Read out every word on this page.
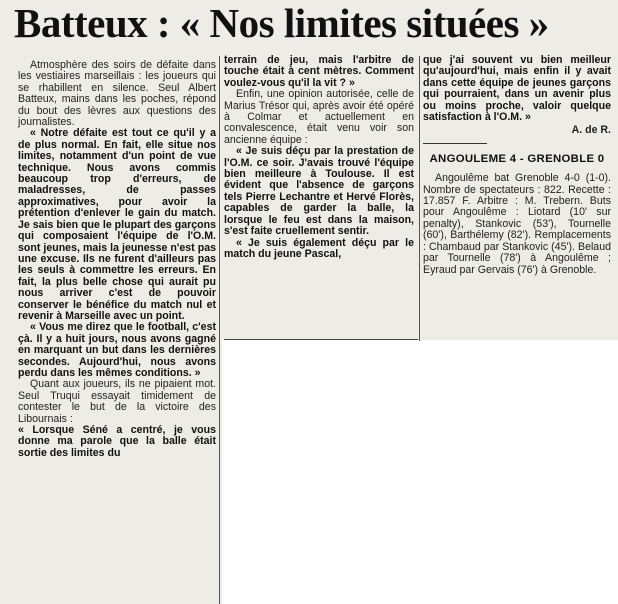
Batteux : « Nos limites situées »

Atmosphère des soirs de défaite dans les vestiaires marseillais : les joueurs qui se rhabillent en silence. Seul Albert Batteux, mains dans les poches, répond du bout des lèvres aux questions des journalistes.

« Notre défaite est tout ce qu'il y a de plus normal. En fait, elle situe nos limites, notamment d'un point de vue technique. Nous avons commis beaucoup trop d'erreurs, de maladresses, de passes approximatives, pour avoir la prétention d'enlever le gain du match. Je sais bien que le plupart des garçons qui composaient l'équipe de l'O.M. sont jeunes, mais la jeunesse n'est pas une excuse. Ils ne furent d'ailleurs pas les seuls à commettre les erreurs. En fait, la plus belle chose qui aurait pu nous arriver c'est de pouvoir conserver le bénéfice du match nul et revenir à Marseille avec un point.

« Vous me direz que le football, c'est çà. Il y a huit jours, nous avons gagné en marquant un but dans les dernières secondes. Aujourd'hui, nous avons perdu dans les mêmes conditions. »

Quant aux joueurs, ils ne pipaient mot. Seul Truqui essayait timidement de contester le but de la victoire des Libournais :

« Lorsque Séné a centré, je vous donne ma parole que la balle était sortie des limites du

terrain de jeu, mais l'arbitre de touche était à cent mètres. Comment voulez-vous qu'il la vit ? »

Enfin, une opinion autorisée, celle de Marius Trésor qui, après avoir été opéré à Colmar et actuellement en convalescence, était venu voir son ancienne équipe :

« Je suis déçu par la prestation de l'O.M. ce soir. J'avais trouvé l'équipe bien meilleure à Toulouse. Il est évident que l'absence de garçons tels Pierre Lechantre et Hervé Florès, capables de garder la balle, la lorsque le feu est dans la maison, s'est faite cruellement sentir.

« Je suis également déçu par le match du jeune Pascal,

que j'ai souvent vu bien meilleur qu'aujourd'hui, mais enfin il y avait dans cette équipe de jeunes garçons qui pourraient, dans un avenir plus ou moins proche, valoir quelque satisfaction à l'O.M. »

A. de R.

ANGOULEME 4 - GRENOBLE 0

Angoulême bat Grenoble 4-0 (1-0). Nombre de spectateurs : 822. Recette : 17.857 F. Arbitre : M. Trebern. Buts pour Angoulême : Liotard (10' sur penalty), Stankovic (53'), Tournelle (60'), Barthélemy (82'). Remplacements : Chambaud par Stankovic (45'). Belaud par Tournelle (78') à Angoulême ; Eyraud par Gervais (76') à Grenoble.
